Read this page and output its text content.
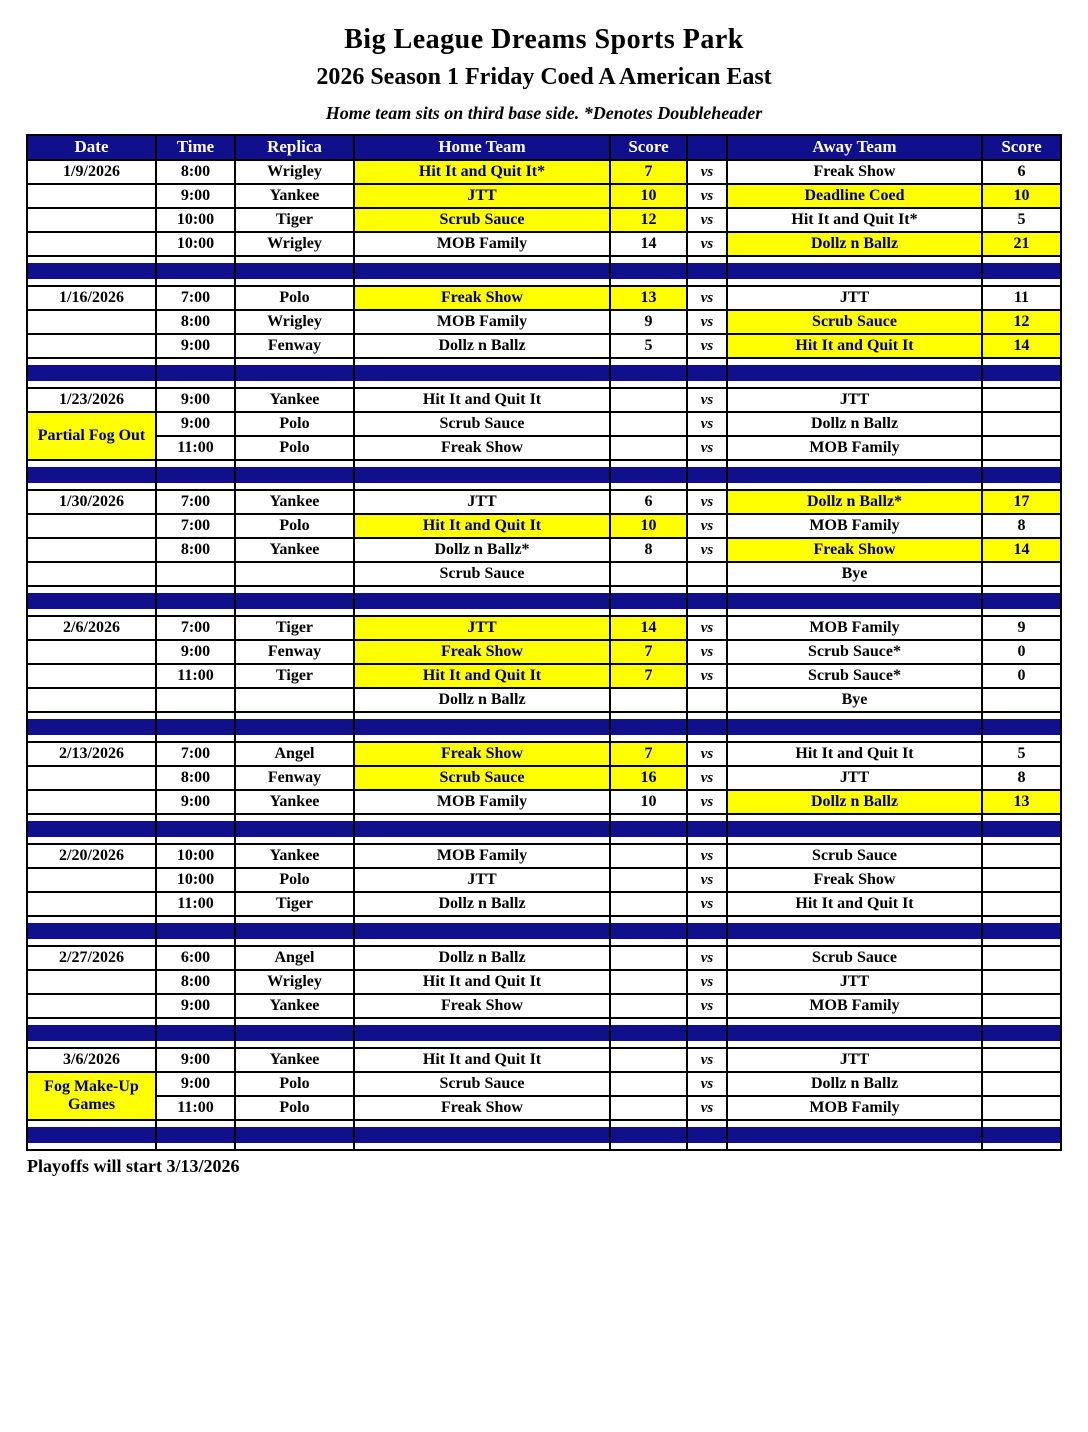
Big League Dreams Sports Park
2026 Season 1 Friday Coed A American East
Home team sits on third base side. *Denotes Doubleheader
Date	Time	Replica	Home Team	Score		Away Team	Score
1/9/2026	8:00	Wrigley	Hit It and Quit It*	7	vs	Freak Show	6
	9:00	Yankee	JTT	10	vs	Deadline Coed	10
	10:00	Tiger	Scrub Sauce	12	vs	Hit It and Quit It*	5
	10:00	Wrigley	MOB Family	14	vs	Dollz n Ballz	21

1/16/2026	7:00	Polo	Freak Show	13	vs	JTT	11
	8:00	Wrigley	MOB Family	9	vs	Scrub Sauce	12
	9:00	Fenway	Dollz n Ballz	5	vs	Hit It and Quit It	14

1/23/2026	9:00	Yankee	Hit It and Quit It		vs	JTT	
Partial Fog Out	9:00	Polo	Scrub Sauce		vs	Dollz n Ballz	
	11:00	Polo	Freak Show		vs	MOB Family	

1/30/2026	7:00	Yankee	JTT	6	vs	Dollz n Ballz*	17
	7:00	Polo	Hit It and Quit It	10	vs	MOB Family	8
	8:00	Yankee	Dollz n Ballz*	8	vs	Freak Show	14
			Scrub Sauce			Bye	

2/6/2026	7:00	Tiger	JTT	14	vs	MOB Family	9
	9:00	Fenway	Freak Show	7	vs	Scrub Sauce*	0
	11:00	Tiger	Hit It and Quit It	7	vs	Scrub Sauce*	0
			Dollz n Ballz			Bye	

2/13/2026	7:00	Angel	Freak Show	7	vs	Hit It and Quit It	5
	8:00	Fenway	Scrub Sauce	16	vs	JTT	8
	9:00	Yankee	MOB Family	10	vs	Dollz n Ballz	13

2/20/2026	10:00	Yankee	MOB Family		vs	Scrub Sauce	
	10:00	Polo	JTT		vs	Freak Show	
	11:00	Tiger	Dollz n Ballz		vs	Hit It and Quit It	

2/27/2026	6:00	Angel	Dollz n Ballz		vs	Scrub Sauce	
	8:00	Wrigley	Hit It and Quit It		vs	JTT	
	9:00	Yankee	Freak Show		vs	MOB Family	

3/6/2026	9:00	Yankee	Hit It and Quit It		vs	JTT	
Fog Make-Up Games	9:00	Polo	Scrub Sauce		vs	Dollz n Ballz	
	11:00	Polo	Freak Show		vs	MOB Family	

Playoffs will start 3/13/2026
